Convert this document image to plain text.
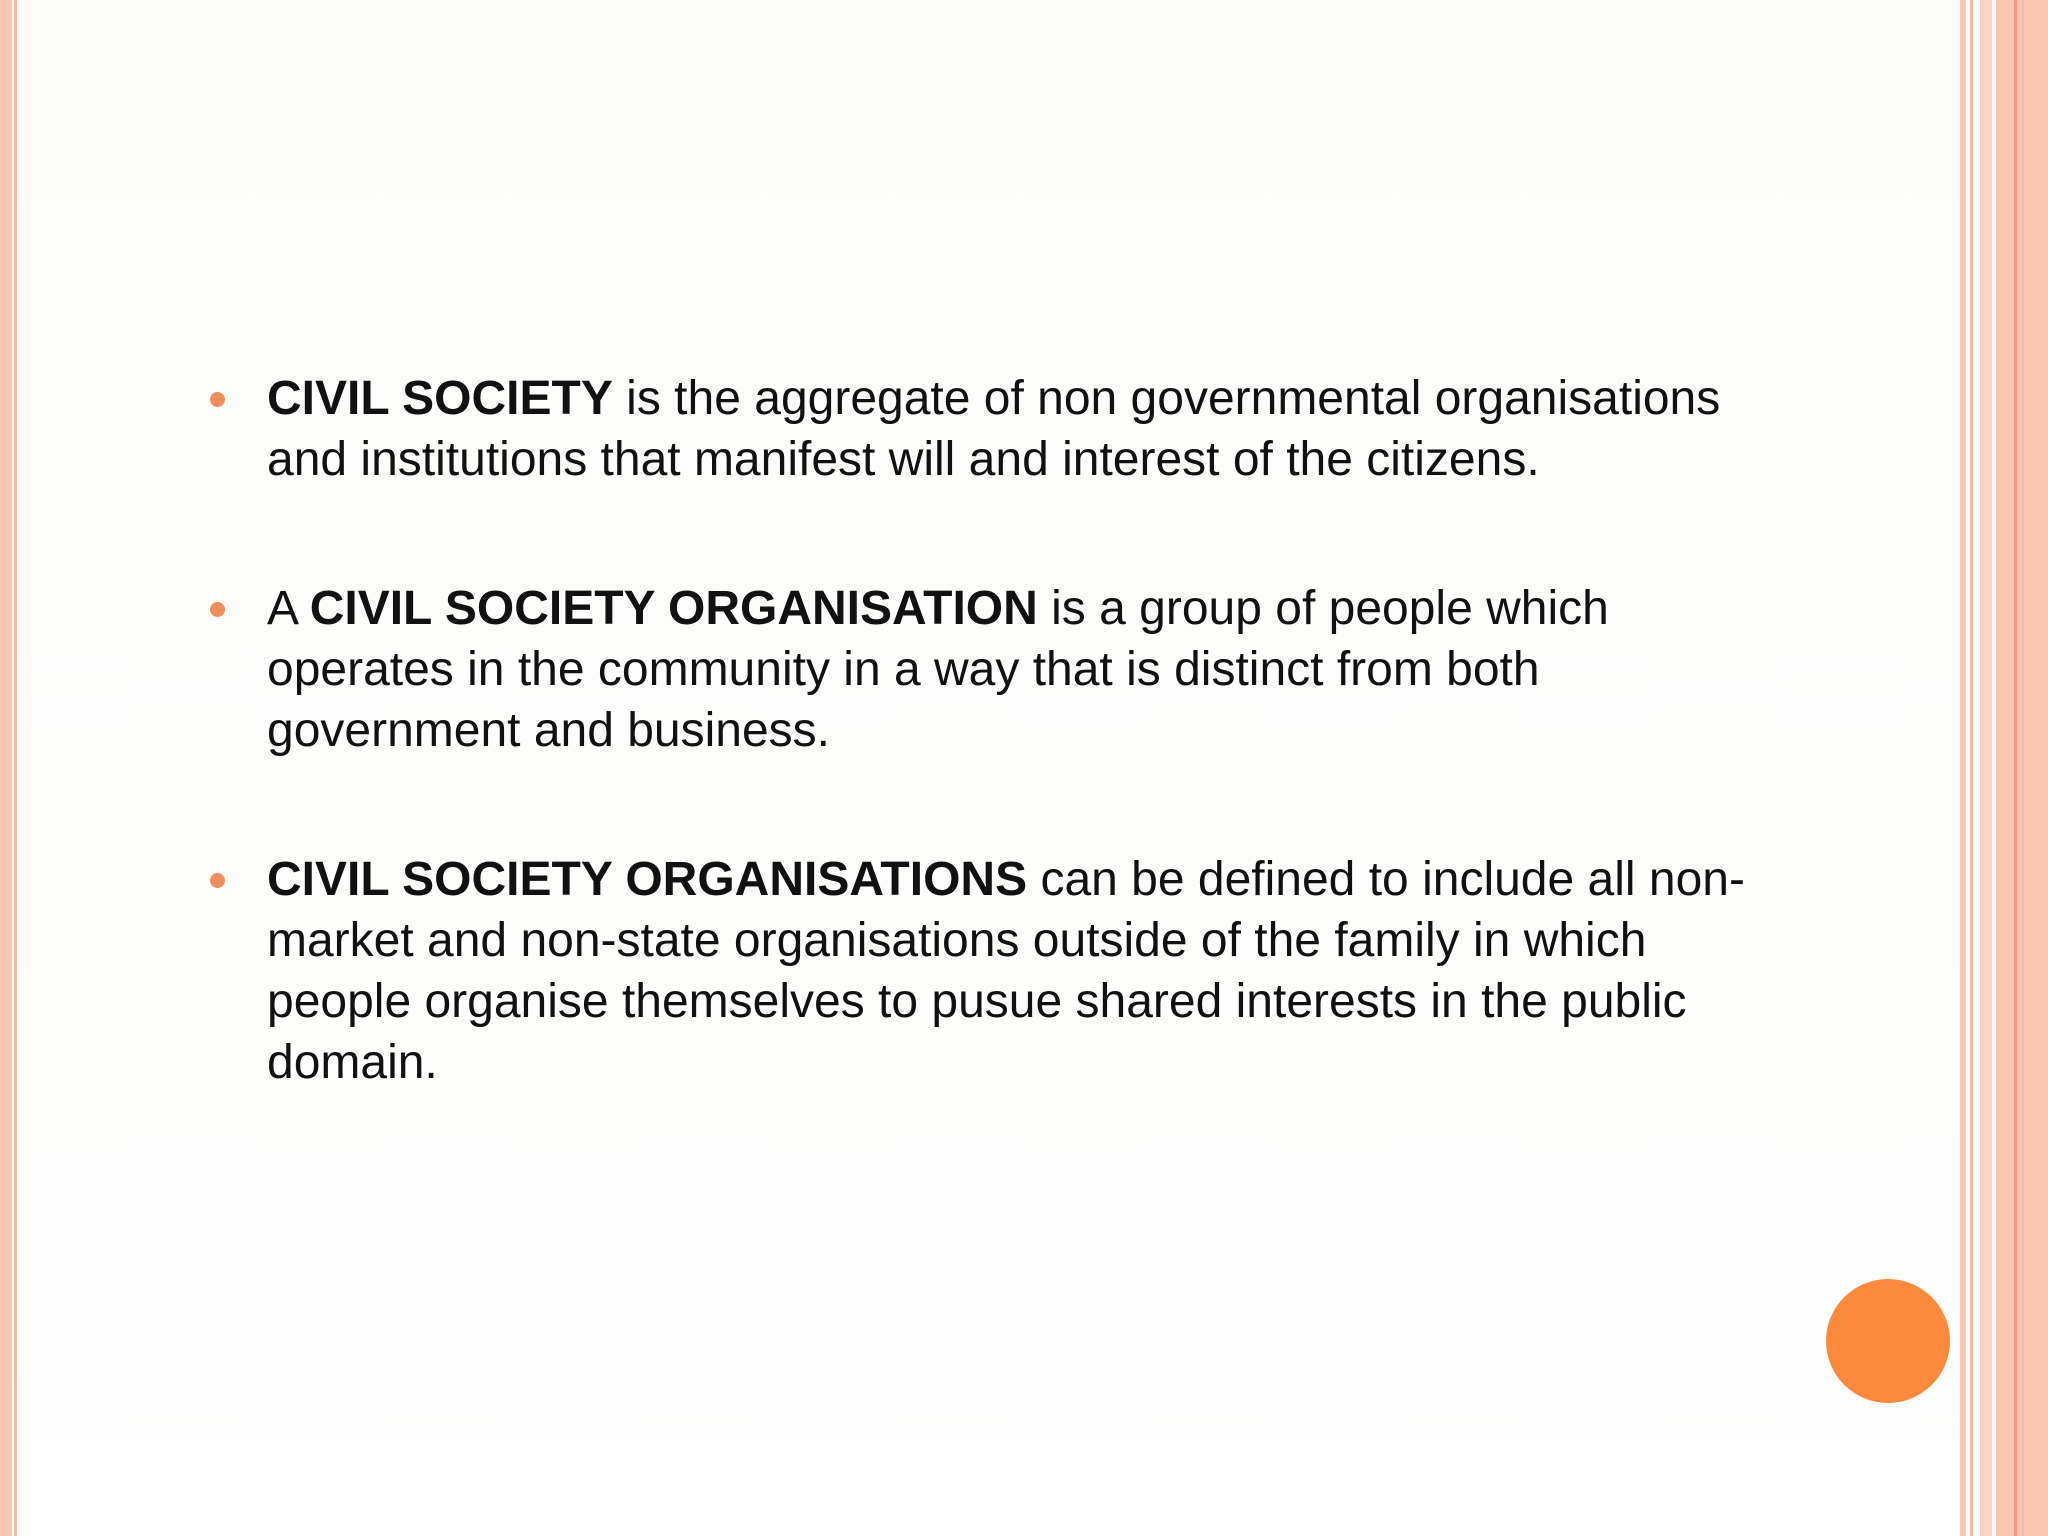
CIVIL SOCIETY is the aggregate of non governmental organisations and institutions that manifest will and interest of the citizens.
A CIVIL SOCIETY ORGANISATION is a group of people which operates in the community in a way that is distinct from both government and business.
CIVIL SOCIETY ORGANISATIONS can be defined to include all non-market and non-state organisations outside of the family in which people organise themselves to pusue shared interests in the public domain.
